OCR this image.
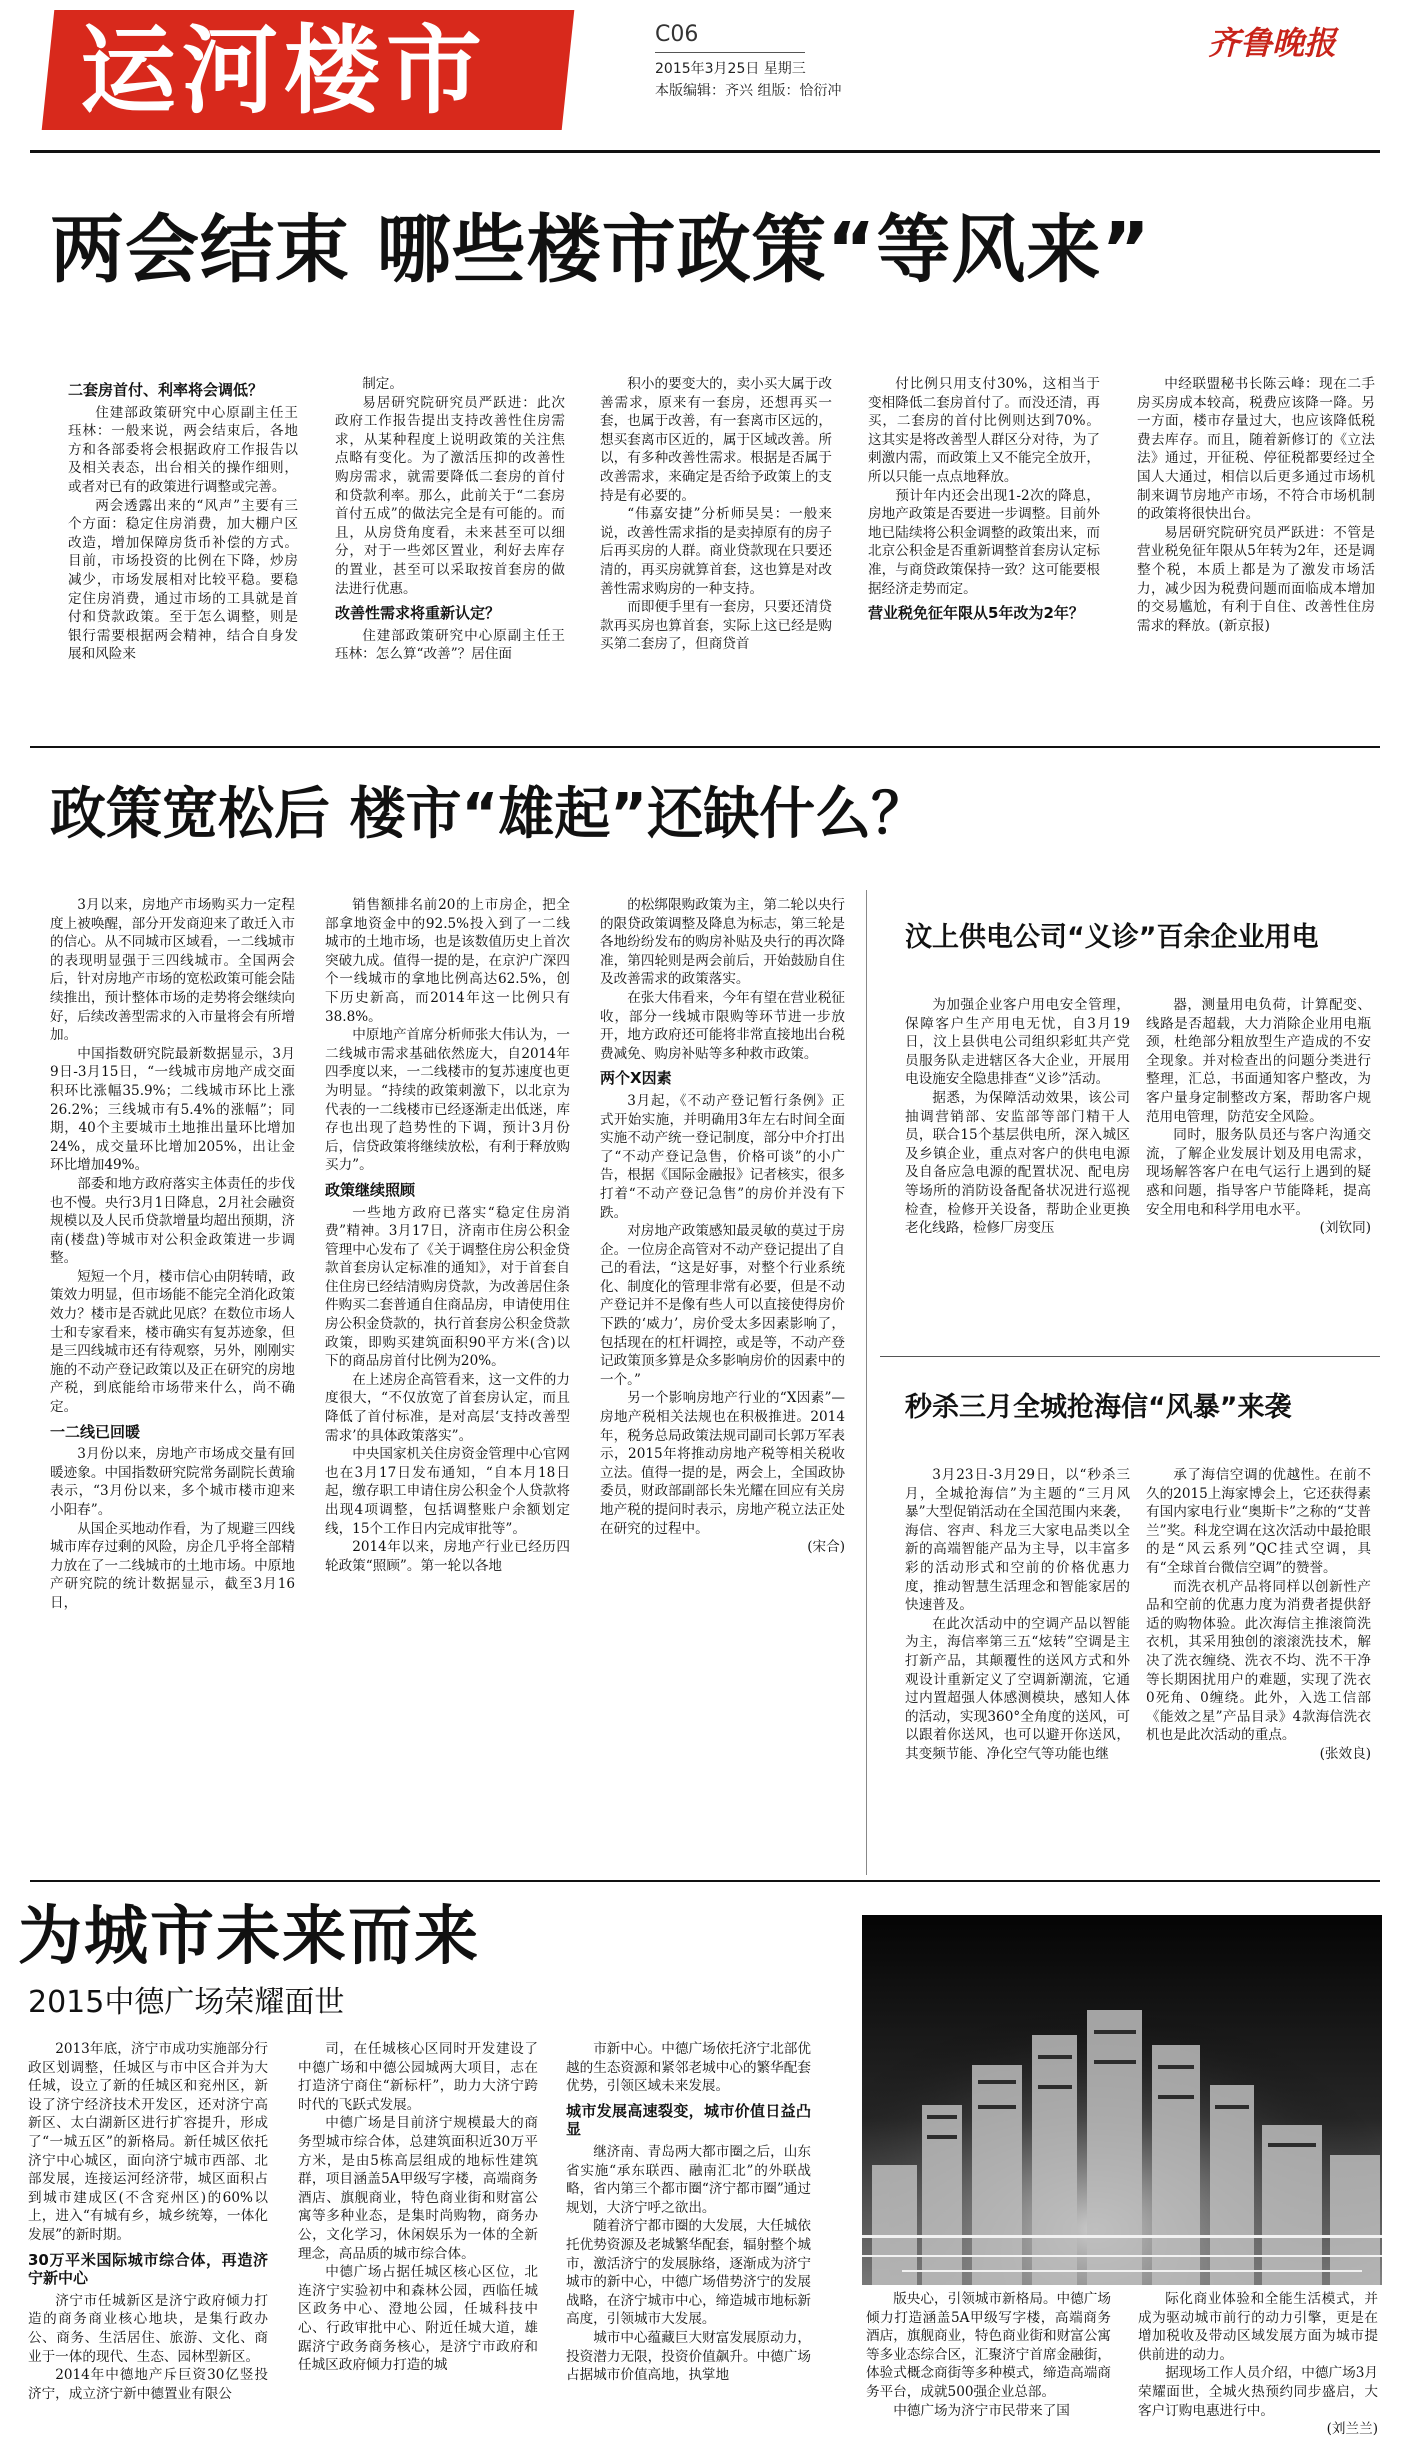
运河楼市	C06
2015年3月25日 星期三
本版编辑：齐兴 组版：恰衍冲
齐鲁晚报
两会结束 哪些楼市政策“等风来”

二套房首付、利率将会调低？

住建部政策研究中心原副主任王珏林：一般来说，两会结束后，各地方和各部委将会根据政府工作报告以及相关表态，出台相关的操作细则，或者对已有的政策进行调整或完善。

两会透露出来的“风声”主要有三个方面：稳定住房消费，加大棚户区改造，增加保障房货币补偿的方式。目前，市场投资的比例在下降，炒房减少，市场发展相对比较平稳。要稳定住房消费，通过市场的工具就是首付和贷款政策。至于怎么调整，则是银行需要根据两会精神，结合自身发展和风险来

制定。

易居研究院研究员严跃进：此次政府工作报告提出支持改善性住房需求，从某种程度上说明政策的关注焦点略有变化。为了激活压抑的改善性购房需求，就需要降低二套房的首付和贷款利率。那么，此前关于“二套房首付五成”的做法完全是有可能的。而且，从房贷角度看，未来甚至可以细分，对于一些郊区置业，利好去库存的置业，甚至可以采取按首套房的做法进行优惠。

改善性需求将重新认定？

住建部政策研究中心原副主任王珏林：怎么算“改善”？居住面

积小的要变大的，卖小买大属于改善需求，原来有一套房，还想再买一套，也属于改善，有一套离市区远的，想买套离市区近的，属于区域改善。所以，有多种改善性需求。根据是否属于改善需求，来确定是否给予政策上的支持是有必要的。

“伟嘉安捷”分析师吴昊：一般来说，改善性需求指的是卖掉原有的房子后再买房的人群。商业贷款现在只要还清的，再买房就算首套，这也算是对改善性需求购房的一种支持。

而即便手里有一套房，只要还清贷款再买房也算首套，实际上这已经是购买第二套房了，但商贷首

付比例只用支付30%，这相当于变相降低二套房首付了。而没还清，再买，二套房的首付比例则达到70%。这其实是将改善型人群区分对待，为了刺激内需，而政策上又不能完全放开，所以只能一点点地释放。

预计年内还会出现1-2次的降息，房地产政策是否要进一步调整。目前外地已陆续将公积金调整的政策出来，而北京公积金是否重新调整首套房认定标准，与商贷政策保持一致？这可能要根据经济走势而定。

营业税免征年限从5年改为2年？

中经联盟秘书长陈云峰：现在二手房买房成本较高，税费应该降一降。另一方面，楼市存量过大，也应该降低税费去库存。而且，随着新修订的《立法法》通过，开征税、停征税都要经过全国人大通过，相信以后更多通过市场机制来调节房地产市场，不符合市场机制的政策将很快出台。

易居研究院研究员严跃进：不管是营业税免征年限从5年转为2年，还是调整个税，本质上都是为了激发市场活力，减少因为税费问题而面临成本增加的交易尴尬，有利于自住、改善性住房需求的释放。(新京报)

政策宽松后 楼市“雄起”还缺什么？

3月以来，房地产市场购买力一定程度上被唤醒，部分开发商迎来了敢迁入市的信心。从不同城市区域看，一二线城市的表现明显强于三四线城市。全国两会后，针对房地产市场的宽松政策可能会陆续推出，预计整体市场的走势将会继续向好，后续改善型需求的入市量将会有所增加。

中国指数研究院最新数据显示，3月9日-3月15日，“一线城市房地产成交面积环比涨幅35.9%；二线城市环比上涨26.2%；三线城市有5.4%的涨幅”；同期，40个主要城市土地推出量环比增加24%，成交量环比增加205%，出让金环比增加49%。

部委和地方政府落实主体责任的步伐也不慢。央行3月1日降息，2月社会融资规模以及人民币贷款增量均超出预期，济南(楼盘)等城市对公积金政策进一步调整。

短短一个月，楼市信心由阴转晴，政策效力明显，但市场能不能完全消化政策效力？楼市是否就此见底？在数位市场人士和专家看来，楼市确实有复苏迹象，但是三四线城市还有待观察，另外，刚刚实施的不动产登记政策以及正在研究的房地产税，到底能给市场带来什么，尚不确定。

一二线已回暖

3月份以来，房地产市场成交量有回暖迹象。中国指数研究院常务副院长黄瑜表示，“3月份以来，多个城市楼市迎来小阳春”。

从国企买地动作看，为了规避三四线城市库存过剩的风险，房企几乎将全部精力放在了一二线城市的土地市场。中原地产研究院的统计数据显示，截至3月16日，

销售额排名前20的上市房企，把全部拿地资金中的92.5%投入到了一二线城市的土地市场，也是该数值历史上首次突破九成。值得一提的是，在京沪广深四个一线城市的拿地比例高达62.5%，创下历史新高，而2014年这一比例只有38.8%。

中原地产首席分析师张大伟认为，一二线城市需求基础依然庞大，自2014年四季度以来，一二线楼市的复苏速度也更为明显。“持续的政策刺激下，以北京为代表的一二线楼市已经逐渐走出低迷，库存也出现了趋势性的下调，预计3月份后，信贷政策将继续放松，有利于释放购买力”。

政策继续照顾

一些地方政府已落实“稳定住房消费”精神。3月17日，济南市住房公积金管理中心发布了《关于调整住房公积金贷款首套房认定标准的通知》，对于首套自住住房已经结清购房贷款，为改善居住条件购买二套普通自住商品房，申请使用住房公积金贷款的，执行首套房公积金贷款政策，即购买建筑面积90平方米(含)以下的商品房首付比例为20%。

在上述房企高管看来，这一文件的力度很大，“不仅放宽了首套房认定，而且降低了首付标准，是对高层‘支持改善型需求’的具体政策落实”。

中央国家机关住房资金管理中心官网也在3月17日发布通知，“自本月18日起，缴存职工申请住房公积金个人贷款将出现4项调整，包括调整账户余额划定线，15个工作日内完成审批等”。

2014年以来，房地产行业已经历四轮政策“照顾”。第一轮以各地

的松绑限购政策为主，第二轮以央行的限贷政策调整及降息为标志，第三轮是各地纷纷发布的购房补贴及央行的再次降准，第四轮则是两会前后，开始鼓励自住及改善需求的政策落实。

在张大伟看来，今年有望在营业税征收，部分一线城市限购等环节进一步放开，地方政府还可能将非常直接地出台税费减免、购房补贴等多种救市政策。

两个X因素

3月起，《不动产登记暂行条例》正式开始实施，并明确用3年左右时间全面实施不动产统一登记制度，部分中介打出了“不动产登记急售，价格可谈”的小广告，根据《国际金融报》记者核实，很多打着“不动产登记急售”的房价并没有下跌。

对房地产政策感知最灵敏的莫过于房企。一位房企高管对不动产登记提出了自己的看法，“这是好事，对整个行业系统化、制度化的管理非常有必要，但是不动产登记并不是像有些人可以直接使得房价下跌的‘威力’，房价受太多因素影响了，包括现在的杠杆调控，或是等，不动产登记政策顶多算是众多影响房价的因素中的一个。”

另一个影响房地产行业的“X因素”—房地产税相关法规也在积极推进。2014年，税务总局政策法规司副司长郭万军表示，2015年将推动房地产税等相关税收立法。值得一提的是，两会上，全国政协委员，财政部副部长朱光耀在回应有关房地产税的提问时表示，房地产税立法正处在研究的过程中。

(宋合)

汶上供电公司“义诊”百余企业用电

为加强企业客户用电安全管理，保障客户生产用电无忧，自3月19日，汶上县供电公司组织彩虹共产党员服务队走进辖区各大企业，开展用电设施安全隐患排查“义诊”活动。

据悉，为保障活动效果，该公司抽调营销部、安监部等部门精干人员，联合15个基层供电所，深入城区及乡镇企业，重点对客户的供电电源及自备应急电源的配置状况、配电房等场所的消防设备配备状况进行巡视检查，检修开关设备，帮助企业更换老化线路，检修厂房变压

器，测量用电负荷，计算配变、线路是否超载，大力消除企业用电瓶颈，杜绝部分粗放型生产造成的不安全现象。并对检查出的问题分类进行整理，汇总，书面通知客户整改，为客户量身定制整改方案，帮助客户规范用电管理，防范安全风险。

同时，服务队员还与客户沟通交流，了解企业发展计划及用电需求，现场解答客户在电气运行上遇到的疑惑和问题，指导客户节能降耗，提高安全用电和科学用电水平。

(刘钦同)

秒杀三月全城抢海信“风暴”来袭

3月23日-3月29日，以“秒杀三月，全城抢海信”为主题的“三月风暴”大型促销活动在全国范围内来袭，海信、容声、科龙三大家电品类以全新的高端智能产品为主导，以丰富多彩的活动形式和空前的价格优惠力度，推动智慧生活理念和智能家居的快速普及。

在此次活动中的空调产品以智能为主，海信率第三五“炫转”空调是主打新产品，其颠覆性的送风方式和外观设计重新定义了空调新潮流，它通过内置超强人体感测模块，感知人体的活动，实现360°全角度的送风，可以跟着你送风，也可以避开你送风，其变频节能、净化空气等功能也继

承了海信空调的优越性。在前不久的2015上海家博会上，它还获得素有国内家电行业“奥斯卡”之称的“艾普兰”奖。科龙空调在这次活动中最抢眼的是“风云系列”QC挂式空调，具有“全球首台微信空调”的赞誉。

而洗衣机产品将同样以创新性产品和空前的优惠力度为消费者提供舒适的购物体验。此次海信主推滚筒洗衣机，其采用独创的滚滚洗技术，解决了洗衣缠绕、洗衣不均、洗不干净等长期困扰用户的难题，实现了洗衣0死角、0缠绕。此外，入选工信部《能效之星”产品目录》4款海信洗衣机也是此次活动的重点。

(张效良)

为城市未来而来
2015中德广场荣耀面世

2013年底，济宁市成功实施部分行政区划调整，任城区与市中区合并为大任城，设立了新的任城区和兖州区，新设了济宁经济技术开发区，还对济宁高新区、太白湖新区进行扩容提升，形成了“一城五区”的新格局。新任城区依托济宁中心城区，面向济宁城市西部、北部发展，连接运河经济带，城区面积占到城市建成区(不含兖州区)的60%以上，进入“有城有乡，城乡统筹，一体化发展”的新时期。

30万平米国际城市综合体，再造济宁新中心

济宁市任城新区是济宁政府倾力打造的商务商业核心地块，是集行政办公、商务、生活居住、旅游、文化、商业于一体的现代、生态、园林型新区。

2014年中德地产斥巨资30亿竖投济宁，成立济宁新中德置业有限公

司，在任城核心区同时开发建设了中德广场和中德公园城两大项目，志在打造济宁商住“新标杆”，助力大济宁跨时代的飞跃式发展。

中德广场是目前济宁规模最大的商务型城市综合体，总建筑面积近30万平方米，是由5栋高层组成的地标性建筑群，项目涵盖5A甲级写字楼，高端商务酒店、旗舰商业，特色商业街和财富公寓等多种业态，是集时尚购物，商务办公，文化学习，休闲娱乐为一体的全新理念，高品质的城市综合体。

中德广场占据任城区核心区位，北连济宁实验初中和森林公园，西临任城区政务中心、澄地公园，任城科技中心、行政审批中心、附近任城大道，雄踞济宁政务商务核心，是济宁市政府和任城区政府倾力打造的城

市新中心。中德广场依托济宁北部优越的生态资源和紧邻老城中心的繁华配套优势，引领区域未来发展。

城市发展高速裂变，城市价值日益凸显

继济南、青岛两大都市圈之后，山东省实施“承东联西、融南汇北”的外联战略，省内第三个都市圈“济宁都市圈”通过规划，大济宁呼之欲出。

随着济宁都市圈的大发展，大任城依托优势资源及老城繁华配套，辐射整个城市，激活济宁的发展脉络，逐渐成为济宁城市的新中心，中德广场借势济宁的发展战略，在济宁城市中心，缔造城市地标新高度，引领城市大发展。

城市中心蕴藏巨大财富发展原动力，投资潜力无限，投资价值飙升。中德广场占据城市价值高地，执掌地

版央心，引领城市新格局。中德广场倾力打造涵盖5A甲级写字楼，高端商务酒店，旗舰商业，特色商业街和财富公寓等多业态综合区，汇聚济宁首席金融街，体验式概念商街等多种模式，缔造高端商务平台，成就500强企业总部。

中德广场为济宁市民带来了国

际化商业体验和全能生活模式，并成为驱动城市前行的动力引擎，更是在增加税收及带动区域发展方面为城市提供前进的动力。

据现场工作人员介绍，中德广场3月荣耀面世，全城火热预约同步盛启，大客户订购电惠进行中。

(刘兰兰)
